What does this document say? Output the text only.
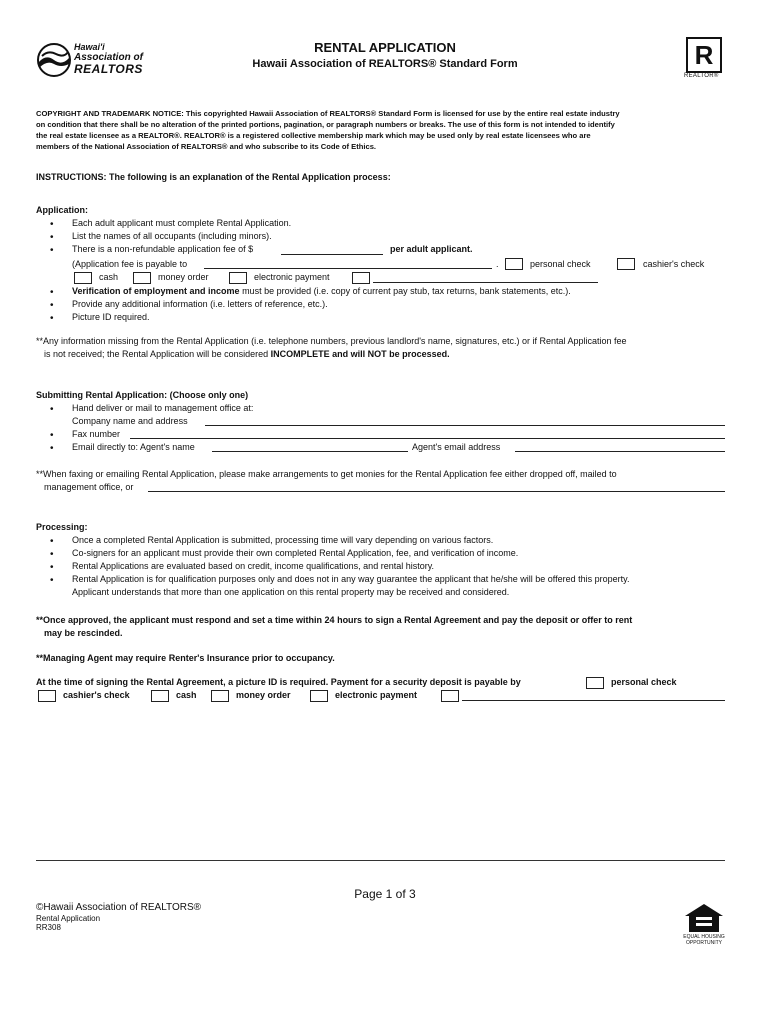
Hawai'i
Association of
REALTORS
RENTAL APPLICATION
Hawaii Association of REALTORS® Standard Form	R
REALTOR®
COPYRIGHT AND TRADEMARK NOTICE: This copyrighted Hawaii Association of REALTORS® Standard Form is licensed for use by the entire real estate industry
on condition that there shall be no alteration of the printed portions, pagination, or paragraph numbers or breaks. The use of this form is not intended to identify
the real estate licensee as a REALTOR®. REALTOR® is a registered collective membership mark which may be used only by real estate licensees who are
members of the National Association of REALTORS® and who subscribe to its Code of Ethics.
INSTRUCTIONS: The following is an explanation of the Rental Application process:
Application:
• Each adult applicant must complete Rental Application.
• List the names of all occupants (including minors).
• There is a non-refundable application fee of $	per adult applicant.
(Application fee is payable to	.	personal check	cashier's check
cash	money order	electronic payment
• Verification of employment and income must be provided (i.e. copy of current pay stub, tax returns, bank statements, etc.).
• Provide any additional information (i.e. letters of reference, etc.).
• Picture ID required.
**Any information missing from the Rental Application (i.e. telephone numbers, previous landlord's name, signatures, etc.) or if Rental Application fee
is not received; the Rental Application will be considered INCOMPLETE and will NOT be processed.
Submitting Rental Application: (Choose only one)
• Hand deliver or mail to management office at:
Company name and address
• Fax number
• Email directly to: Agent's name	Agent's email address
**When faxing or emailing Rental Application, please make arrangements to get monies for the Rental Application fee either dropped off, mailed to
management office, or
Processing:
• Once a completed Rental Application is submitted, processing time will vary depending on various factors.
• Co-signers for an applicant must provide their own completed Rental Application, fee, and verification of income.
• Rental Applications are evaluated based on credit, income qualifications, and rental history.
• Rental Application is for qualification purposes only and does not in any way guarantee the applicant that he/she will be offered this property.
Applicant understands that more than one application on this rental property may be received and considered.
**Once approved, the applicant must respond and set a time within 24 hours to sign a Rental Agreement and pay the deposit or offer to rent
may be rescinded.
**Managing Agent may require Renter's Insurance prior to occupancy.
At the time of signing the Rental Agreement, a picture ID is required. Payment for a security deposit is payable by	personal check
cashier's check	cash	money order	electronic payment
Page 1 of 3
©Hawaii Association of REALTORS®
Rental Application
RR308
EQUAL HOUSING
OPPORTUNITY
